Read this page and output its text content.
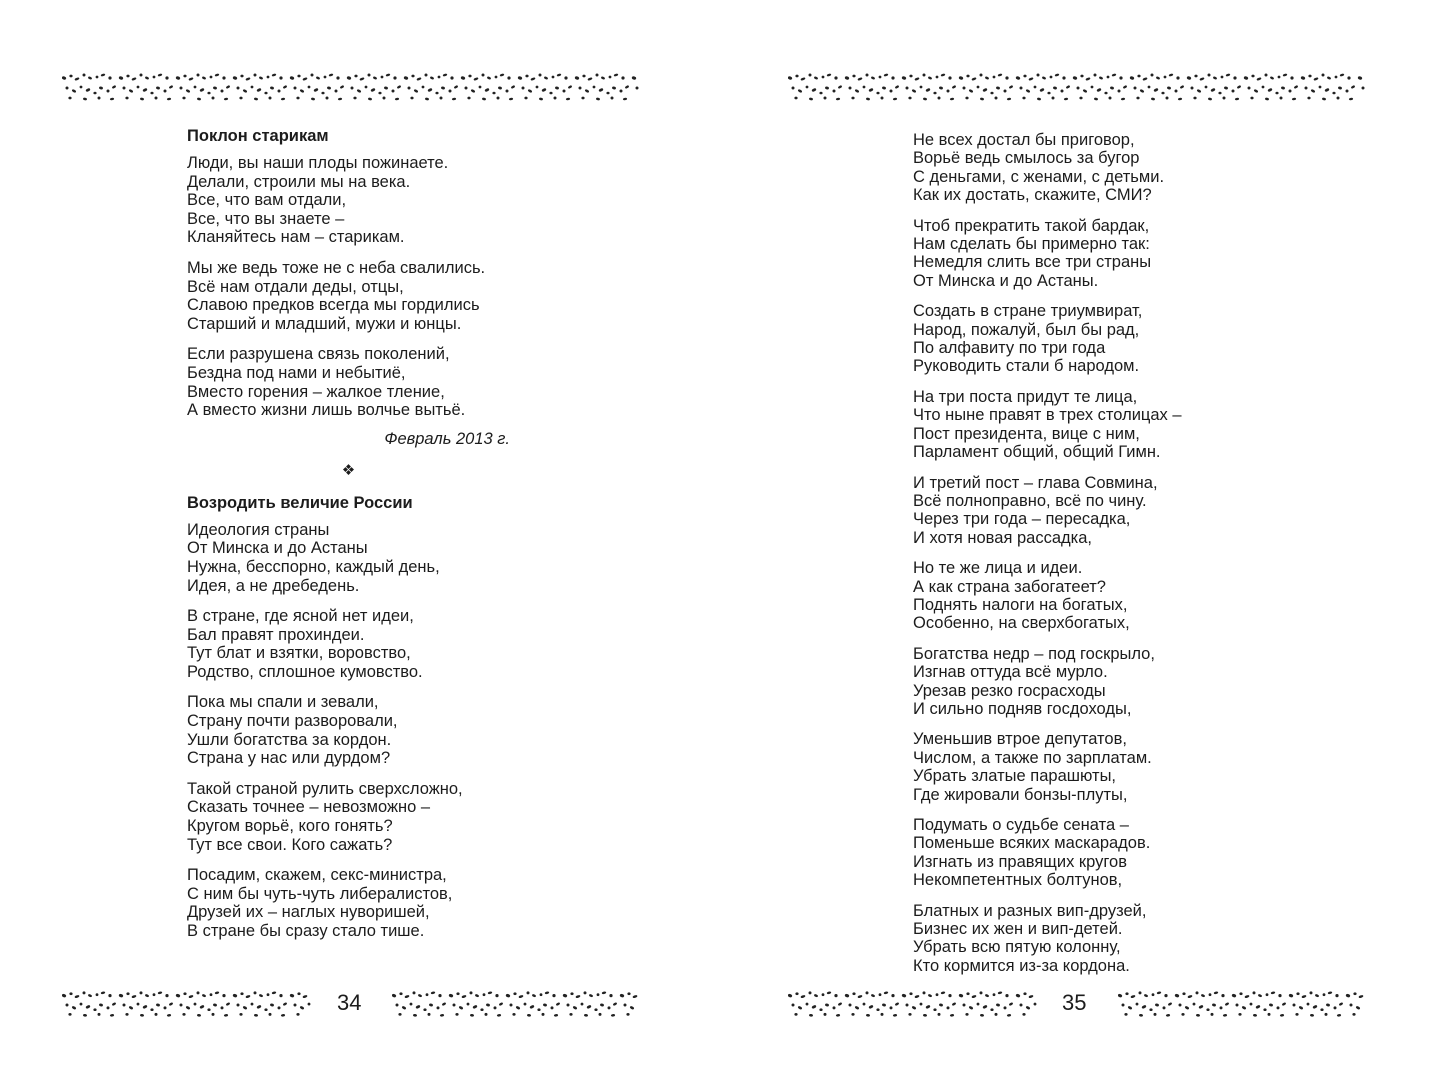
Поклон старикам
Люди, вы наши плоды пожинаете.
Делали, строили мы на века.
Все, что вам отдали,
Все, что вы знаете –
Кланяйтесь нам – старикам.
Мы же ведь тоже не с неба свалились.
Всё нам отдали деды, отцы,
Славою предков всегда мы гордились
Старший и младший, мужи и юнцы.
Если разрушена связь поколений,
Бездна под нами и небытиё,
Вместо горения – жалкое тление,
А вместо жизни лишь волчье вытьё.
Февраль 2013 г.
❖
Возродить величие России
Идеология страны
От Минска и до Астаны
Нужна, бесспорно, каждый день,
Идея, а не дребедень.
В стране, где ясной нет идеи,
Бал правят прохиндеи.
Тут блат и взятки, воровство,
Родство, сплошное кумовство.
Пока мы спали и зевали,
Страну почти разворовали,
Ушли богатства за кордон.
Страна у нас или дурдом?
Такой страной рулить сверхсложно,
Сказать точнее – невозможно –
Кругом ворьё, кого гонять?
Тут все свои. Кого сажать?
Посадим, скажем, секс-министра,
С ним бы чуть-чуть либералистов,
Друзей их – наглых нуворишей,
В стране бы сразу стало тише.
34
Не всех достал бы приговор,
Ворьё ведь смылось за бугор
С деньгами, с женами, с детьми.
Как их достать, скажите, СМИ?
Чтоб прекратить такой бардак,
Нам сделать бы примерно так:
Немедля слить все три страны
От Минска и до Астаны.
Создать в стране триумвират,
Народ, пожалуй, был бы рад,
По алфавиту по три года
Руководить стали б народом.
На три поста придут те лица,
Что ныне правят в трех столицах –
Пост президента, вице с ним,
Парламент общий, общий Гимн.
И третий пост – глава Совмина,
Всё полноправно, всё по чину.
Через три года – пересадка,
И хотя новая рассадка,
Но те же лица и идеи.
А как страна забогатеет?
Поднять налоги на богатых,
Особенно, на сверхбогатых,
Богатства недр – под госкрыло,
Изгнав оттуда всё мурло.
Урезав резко госрасходы
И сильно подняв госдоходы,
Уменьшив втрое депутатов,
Числом, а также по зарплатам.
Убрать златые парашюты,
Где жировали бонзы-плуты,
Подумать о судьбе сената –
Поменьше всяких маскарадов.
Изгнать из правящих кругов
Некомпетентных болтунов,
Блатных и разных вип-друзей,
Бизнес их жен и вип-детей.
Убрать всю пятую колонну,
Кто кормится из-за кордона.
35
